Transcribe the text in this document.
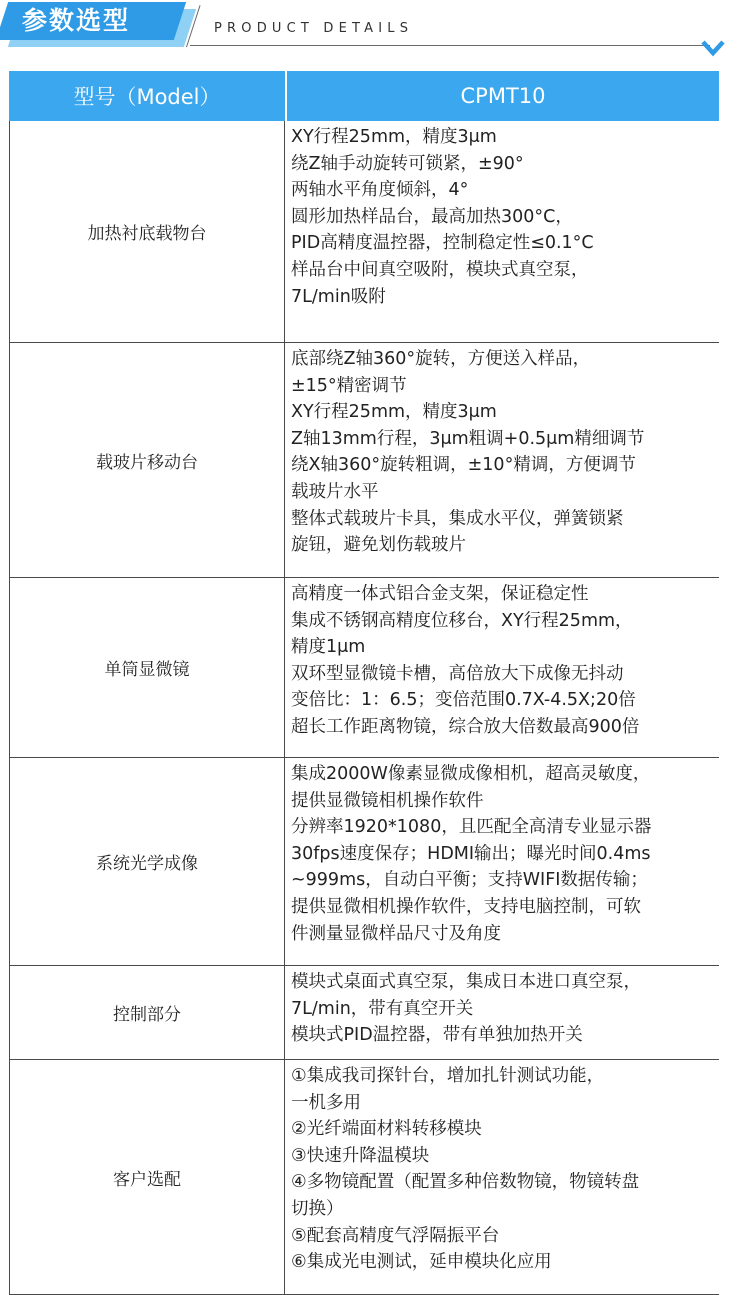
参数选型	PRODUCT DETAILS
型号（Model）	CPMT10
加热衬底载物台
XY行程25mm，精度3μm
绕Z轴手动旋转可锁紧，±90°
两轴水平角度倾斜，4°
圆形加热样品台，最高加热300°C，
PID高精度温控器，控制稳定性≤0.1°C
样品台中间真空吸附，模块式真空泵，
7L/min吸附
载玻片移动台
底部绕Z轴360°旋转，方便送入样品，
±15°精密调节
XY行程25mm，精度3μm
Z轴13mm行程，3μm粗调+0.5μm精细调节
绕X轴360°旋转粗调，±10°精调，方便调节
载玻片水平
整体式载玻片卡具，集成水平仪，弹簧锁紧
旋钮，避免划伤载玻片
单筒显微镜
高精度一体式铝合金支架，保证稳定性
集成不锈钢高精度位移台，XY行程25mm，
精度1μm
双环型显微镜卡槽，高倍放大下成像无抖动
变倍比：1：6.5；变倍范围0.7X-4.5X;20倍
超长工作距离物镜，综合放大倍数最高900倍
系统光学成像
集成2000W像素显微成像相机，超高灵敏度，
提供显微镜相机操作软件
分辨率1920*1080，且匹配全高清专业显示器
30fps速度保存；HDMI输出；曝光时间0.4ms
~999ms，自动白平衡；支持WIFI数据传输；
提供显微相机操作软件，支持电脑控制，可软
件测量显微样品尺寸及角度
控制部分
模块式桌面式真空泵，集成日本进口真空泵，
7L/min，带有真空开关
模块式PID温控器，带有单独加热开关
客户选配
①集成我司探针台，增加扎针测试功能，
一机多用
②光纤端面材料转移模块
③快速升降温模块
④多物镜配置（配置多种倍数物镜，物镜转盘
切换）
⑤配套高精度气浮隔振平台
⑥集成光电测试，延申模块化应用
